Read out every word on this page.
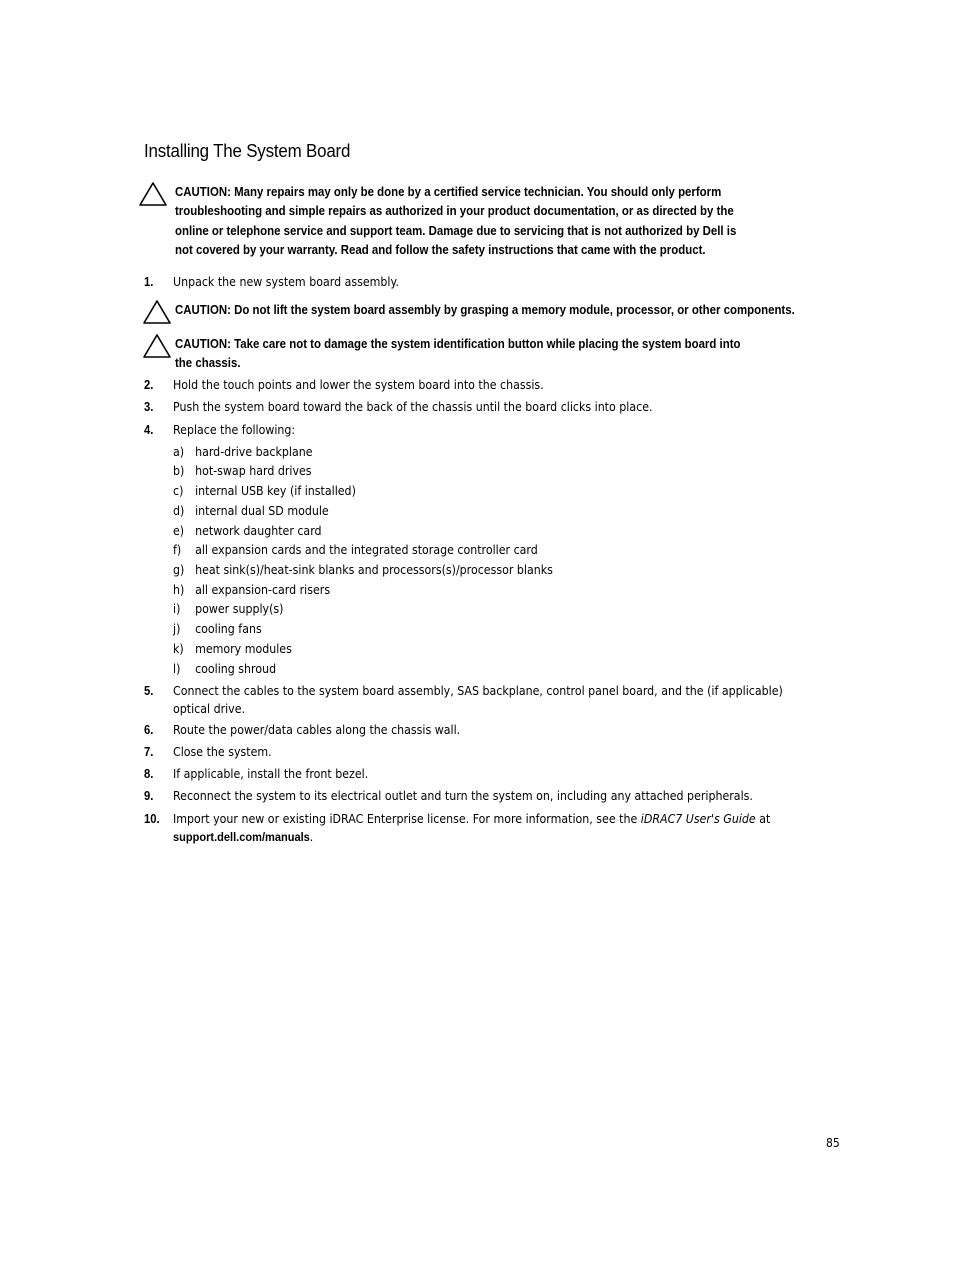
Installing The System Board
CAUTION: Many repairs may only be done by a certified service technician. You should only perform troubleshooting and simple repairs as authorized in your product documentation, or as directed by the online or telephone service and support team. Damage due to servicing that is not authorized by Dell is not covered by your warranty. Read and follow the safety instructions that came with the product.
1. Unpack the new system board assembly.
CAUTION: Do not lift the system board assembly by grasping a memory module, processor, or other components.
CAUTION: Take care not to damage the system identification button while placing the system board into the chassis.
2. Hold the touch points and lower the system board into the chassis.
3. Push the system board toward the back of the chassis until the board clicks into place.
4. Replace the following:
a) hard-drive backplane
b) hot-swap hard drives
c) internal USB key (if installed)
d) internal dual SD module
e) network daughter card
f) all expansion cards and the integrated storage controller card
g) heat sink(s)/heat-sink blanks and processors(s)/processor blanks
h) all expansion-card risers
i) power supply(s)
j) cooling fans
k) memory modules
l) cooling shroud
5. Connect the cables to the system board assembly, SAS backplane, control panel board, and the (if applicable) optical drive.
6. Route the power/data cables along the chassis wall.
7. Close the system.
8. If applicable, install the front bezel.
9. Reconnect the system to its electrical outlet and turn the system on, including any attached peripherals.
10. Import your new or existing iDRAC Enterprise license. For more information, see the iDRAC7 User's Guide at support.dell.com/manuals.
85
